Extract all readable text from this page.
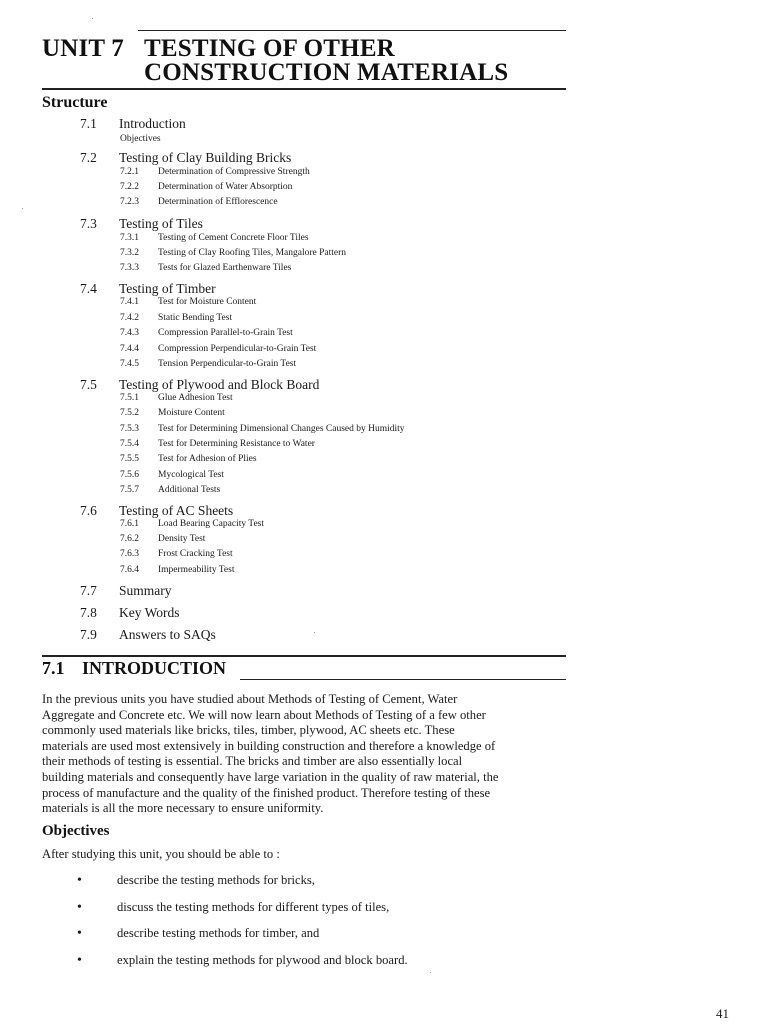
UNIT 7 TESTING OF OTHER
CONSTRUCTION MATERIALS
Structure
7.1 Introduction
Objectives
7.2 Testing of Clay Building Bricks
7.2.1 Determination of Compressive Strength
7.2.2 Determination of Water Absorption
7.2.3 Determination of Efflorescence
7.3 Testing of Tiles
7.3.1 Testing of Cement Concrete Floor Tiles
7.3.2 Testing of Clay Roofing Tiles, Mangalore Pattern
7.3.3 Tests for Glazed Earthenware Tiles
7.4 Testing of Timber
7.4.1 Test for Moisture Content
7.4.2 Static Bending Test
7.4.3 Compression Parallel-to-Grain Test
7.4.4 Compression Perpendicular-to-Grain Test
7.4.5 Tension Perpendicular-to-Grain Test
7.5 Testing of Plywood and Block Board
7.5.1 Glue Adhesion Test
7.5.2 Moisture Content
7.5.3 Test for Determining Dimensional Changes Caused by Humidity
7.5.4 Test for Determining Resistance to Water
7.5.5 Test for Adhesion of Plies
7.5.6 Mycological Test
7.5.7 Additional Tests
7.6 Testing of AC Sheets
7.6.1 Load Bearing Capacity Test
7.6.2 Density Test
7.6.3 Frost Cracking Test
7.6.4 Impermeability Test
7.7 Summary
7.8 Key Words
7.9 Answers to SAQs
7.1 INTRODUCTION
In the previous units you have studied about Methods of Testing of Cement, Water
Aggregate and Concrete etc. We will now learn about Methods of Testing of a few other
commonly used materials like bricks, tiles, timber, plywood, AC sheets etc. These
materials are used most extensively in building construction and therefore a knowledge of
their methods of testing is essential. The bricks and timber are also essentially local
building materials and consequently have large variation in the quality of raw material, the
process of manufacture and the quality of the finished product. Therefore testing of these
materials is all the more necessary to ensure uniformity.
Objectives
After studying this unit, you should be able to :
•	describe the testing methods for bricks,
•	discuss the testing methods for different types of tiles,
•	describe testing methods for timber, and
•	explain the testing methods for plywood and block board.
41
